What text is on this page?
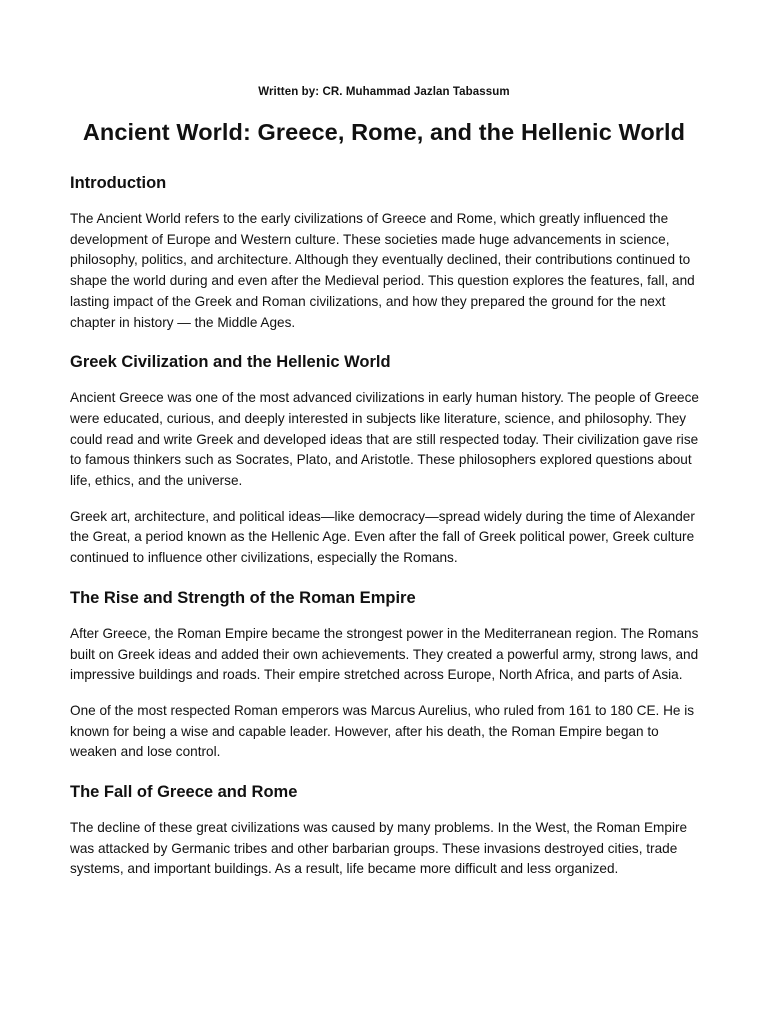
Written by: CR. Muhammad Jazlan Tabassum
Ancient World: Greece, Rome, and the Hellenic World
Introduction

The Ancient World refers to the early civilizations of Greece and Rome, which greatly influenced the development of Europe and Western culture. These societies made huge advancements in science, philosophy, politics, and architecture. Although they eventually declined, their contributions continued to shape the world during and even after the Medieval period. This question explores the features, fall, and lasting impact of the Greek and Roman civilizations, and how they prepared the ground for the next chapter in history — the Middle Ages.

Greek Civilization and the Hellenic World

Ancient Greece was one of the most advanced civilizations in early human history. The people of Greece were educated, curious, and deeply interested in subjects like literature, science, and philosophy. They could read and write Greek and developed ideas that are still respected today. Their civilization gave rise to famous thinkers such as Socrates, Plato, and Aristotle. These philosophers explored questions about life, ethics, and the universe.

Greek art, architecture, and political ideas—like democracy—spread widely during the time of Alexander the Great, a period known as the Hellenic Age. Even after the fall of Greek political power, Greek culture continued to influence other civilizations, especially the Romans.

The Rise and Strength of the Roman Empire

After Greece, the Roman Empire became the strongest power in the Mediterranean region. The Romans built on Greek ideas and added their own achievements. They created a powerful army, strong laws, and impressive buildings and roads. Their empire stretched across Europe, North Africa, and parts of Asia.

One of the most respected Roman emperors was Marcus Aurelius, who ruled from 161 to 180 CE. He is known for being a wise and capable leader. However, after his death, the Roman Empire began to weaken and lose control.

The Fall of Greece and Rome

The decline of these great civilizations was caused by many problems. In the West, the Roman Empire was attacked by Germanic tribes and other barbarian groups. These invasions destroyed cities, trade systems, and important buildings. As a result, life became more difficult and less organized.
